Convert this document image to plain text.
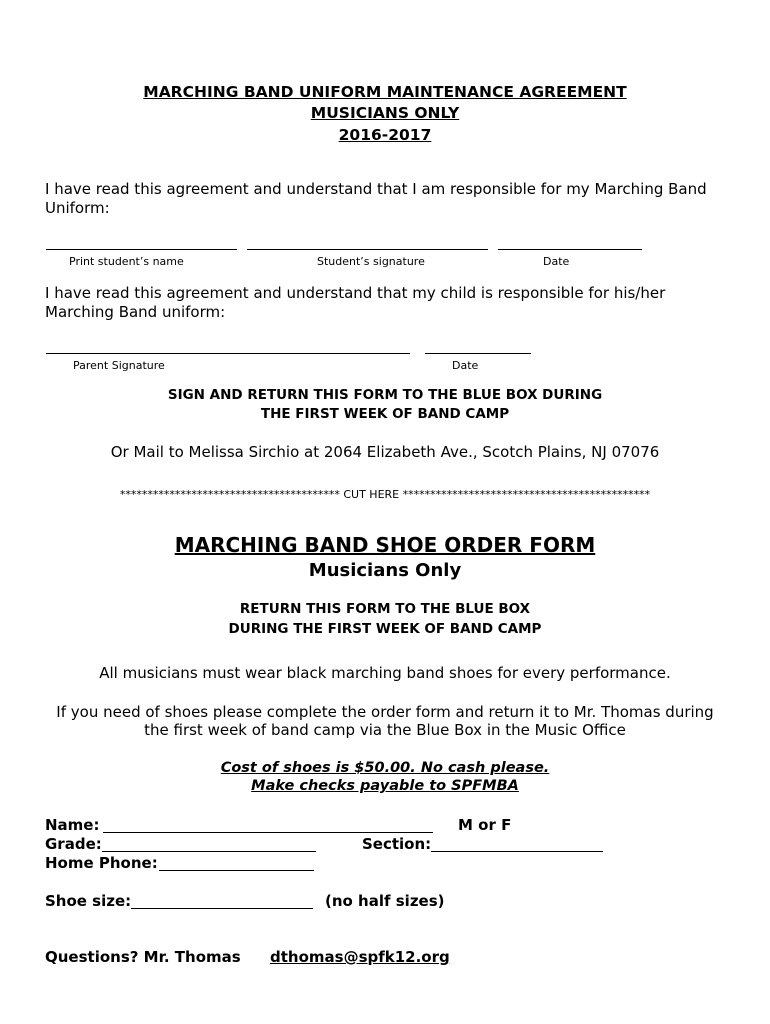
MARCHING BAND UNIFORM MAINTENANCE AGREEMENT
MUSICIANS ONLY
2016-2017
I have read this agreement and understand that I am responsible for my Marching Band
Uniform:
Print student’s name	Student’s signature	Date
I have read this agreement and understand that my child is responsible for his/her
Marching Band uniform:
Parent Signature	Date
SIGN AND RETURN THIS FORM TO THE BLUE BOX DURING
THE FIRST WEEK OF BAND CAMP
Or Mail to Melissa Sirchio at 2064 Elizabeth Ave., Scotch Plains, NJ 07076
**************************************** CUT HERE *********************************************
MARCHING BAND SHOE ORDER FORM
Musicians Only
RETURN THIS FORM TO THE BLUE BOX
DURING THE FIRST WEEK OF BAND CAMP
All musicians must wear black marching band shoes for every performance.
If you need of shoes please complete the order form and return it to Mr. Thomas during
the first week of band camp via the Blue Box in the Music Office
Cost of shoes is $50.00. No cash please.
Make checks payable to SPFMBA
Name:	M or F
Grade:	Section:
Home Phone:
Shoe size:	(no half sizes)
Questions? Mr. Thomas dthomas@spfk12.org
